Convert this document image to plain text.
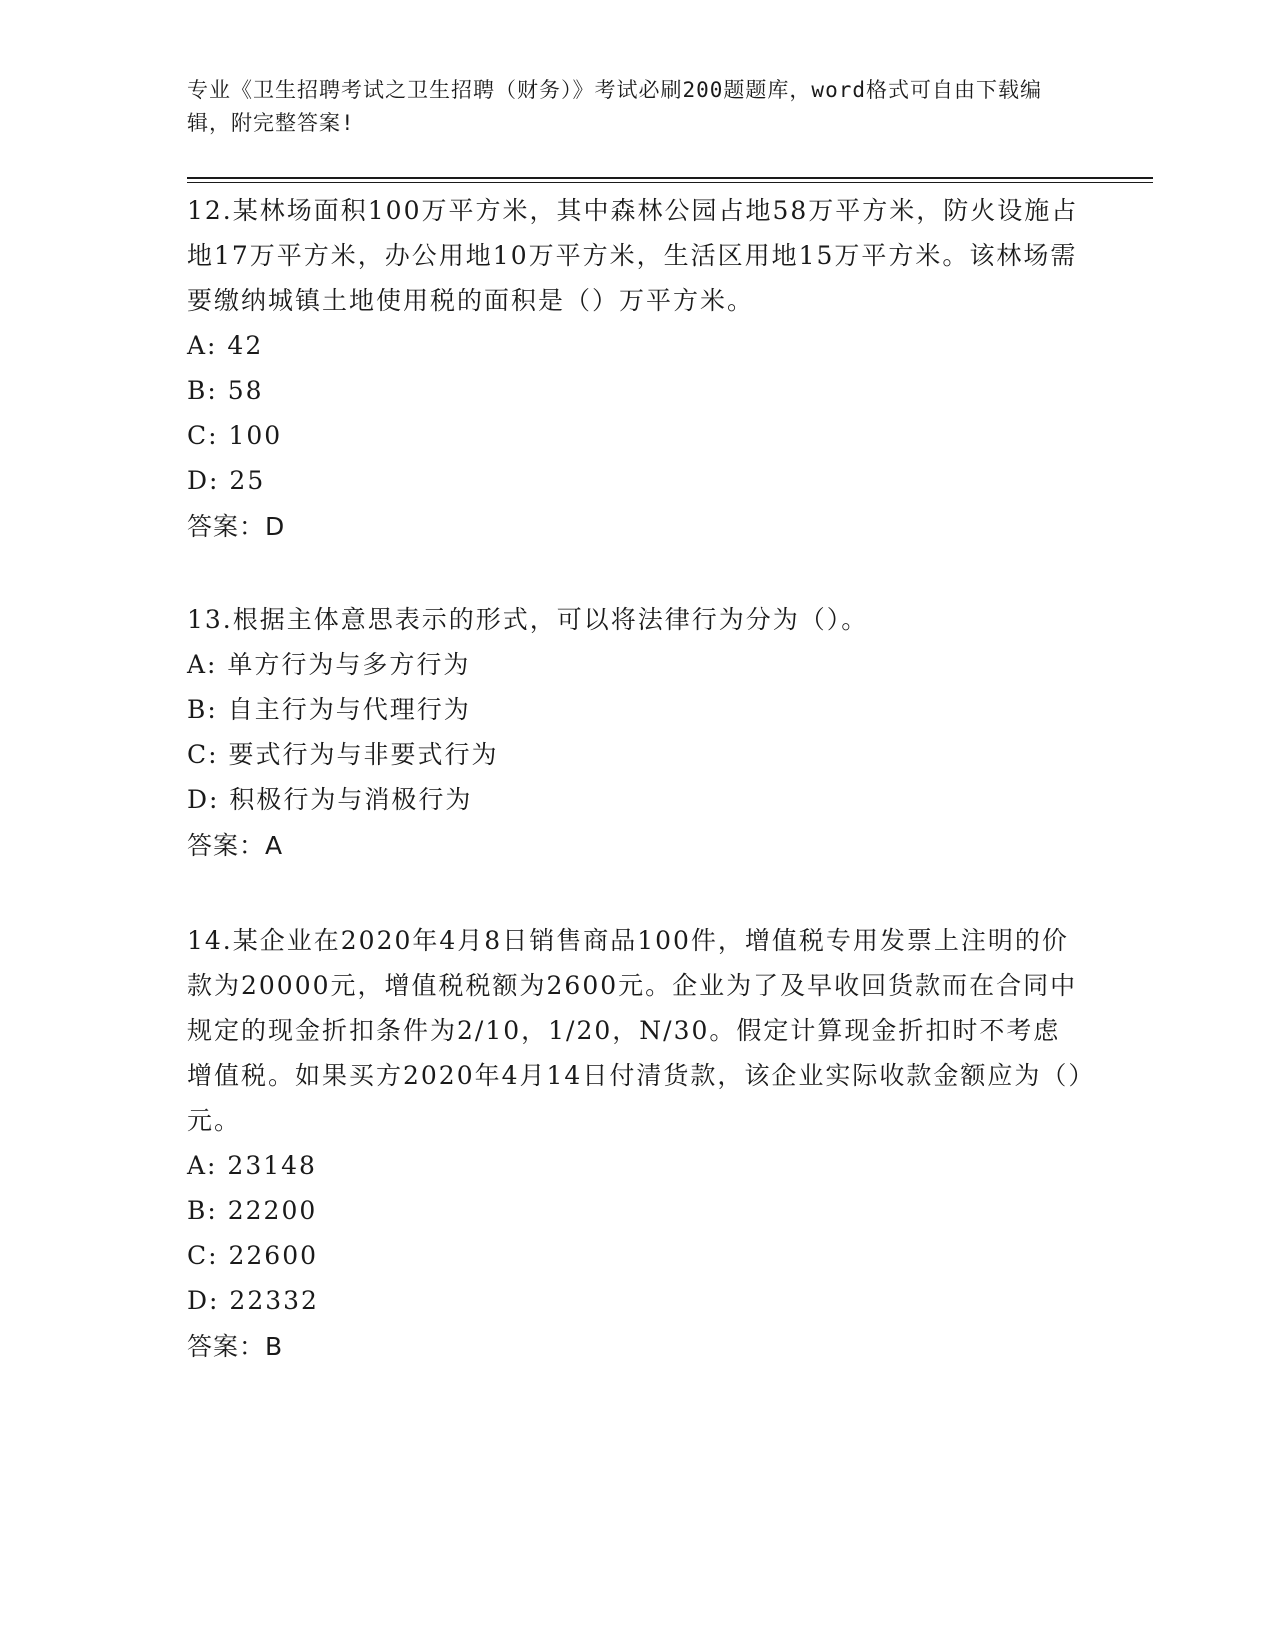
专业《卫生招聘考试之卫生招聘（财务）》考试必刷200题题库，word格式可自由下载编辑，附完整答案!
12.某林场面积100万平方米，其中森林公园占地58万平方米，防火设施占地17万平方米，办公用地10万平方米，生活区用地15万平方米。该林场需要缴纳城镇土地使用税的面积是（）万平方米。
A: 42
B: 58
C: 100
D: 25
答案：D
13.根据主体意思表示的形式，可以将法律行为分为（）。
A: 单方行为与多方行为
B: 自主行为与代理行为
C: 要式行为与非要式行为
D: 积极行为与消极行为
答案：A
14.某企业在2020年4月8日销售商品100件，增值税专用发票上注明的价款为20000元，增值税税额为2600元。企业为了及早收回货款而在合同中规定的现金折扣条件为2/10，1/20，N/30。假定计算现金折扣时不考虑增值税。如果买方2020年4月14日付清货款，该企业实际收款金额应为（）元。
A: 23148
B: 22200
C: 22600
D: 22332
答案：B
